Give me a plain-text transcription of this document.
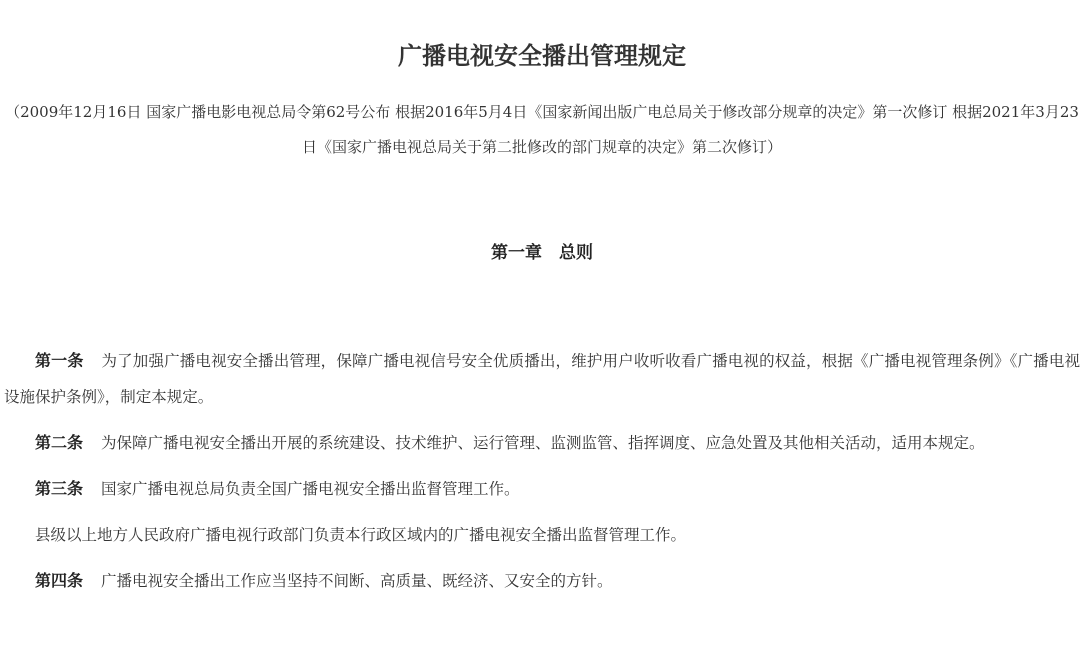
广播电视安全播出管理规定

（2009年12月16日 国家广播电影电视总局令第62号公布 根据2016年5月4日《国家新闻出版广电总局关于修改部分规章的决定》第一次修订 根据2021年3月23日《国家广播电视总局关于第二批修改的部门规章的决定》第二次修订）

第一章　总则

第一条 为了加强广播电视安全播出管理，保障广播电视信号安全优质播出，维护用户收听收看广播电视的权益，根据《广播电视管理条例》《广播电视设施保护条例》，制定本规定。

第二条 为保障广播电视安全播出开展的系统建设、技术维护、运行管理、监测监管、指挥调度、应急处置及其他相关活动，适用本规定。

第三条 国家广播电视总局负责全国广播电视安全播出监督管理工作。

县级以上地方人民政府广播电视行政部门负责本行政区域内的广播电视安全播出监督管理工作。

第四条 广播电视安全播出工作应当坚持不间断、高质量、既经济、又安全的方针。
